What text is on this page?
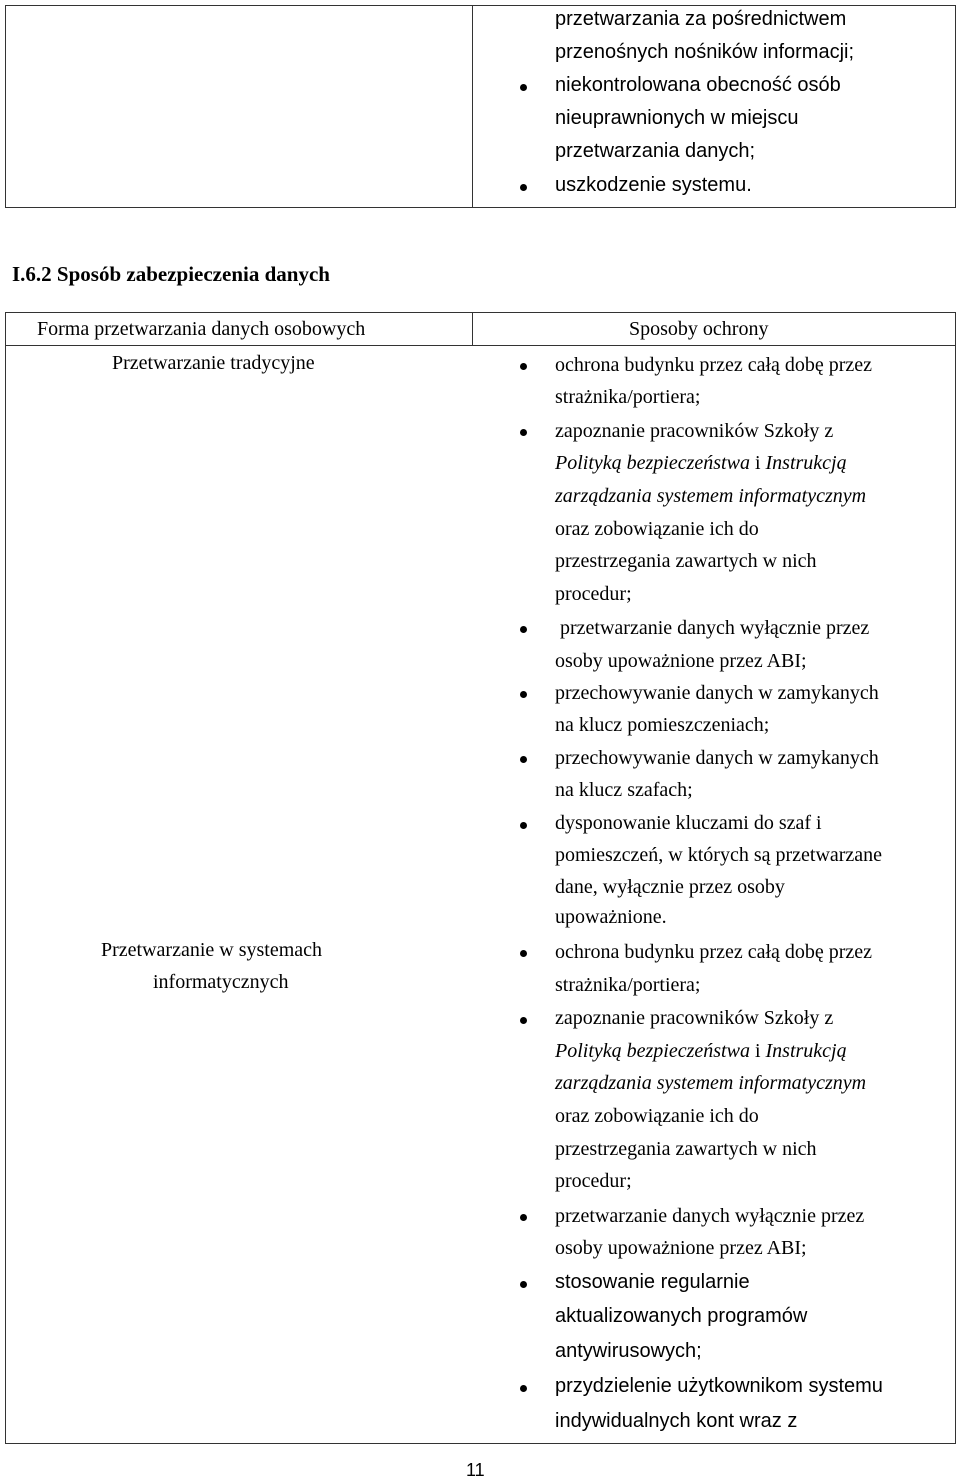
przetwarzania za pośrednictwem
przenośnych nośników informacji;
niekontrolowana obecność osób
nieuprawnionych w miejscu
przetwarzania danych;
uszkodzenie systemu.
I.6.2 Sposób zabezpieczenia danych
Forma przetwarzania danych osobowych	Sposoby ochrony
Przetwarzanie tradycyjne	ochrona budynku przez całą dobę przez
strażnika/portiera;
zapoznanie pracowników Szkoły z
Polityką bezpieczeństwa i Instrukcją
zarządzania systemem informatycznym
oraz zobowiązanie ich do
przestrzegania zawartych w nich
procedur;
przetwarzanie danych wyłącznie przez
osoby upoważnione przez ABI;
przechowywanie danych w zamykanych
na klucz pomieszczeniach;
przechowywanie danych w zamykanych
na klucz szafach;
dysponowanie kluczami do szaf i
pomieszczeń, w których są przetwarzane
dane, wyłącznie przez osoby
upoważnione.
Przetwarzanie w systemach
informatycznych
ochrona budynku przez całą dobę przez
strażnika/portiera;
zapoznanie pracowników Szkoły z
Polityką bezpieczeństwa i Instrukcją
zarządzania systemem informatycznym
oraz zobowiązanie ich do
przestrzegania zawartych w nich
procedur;
przetwarzanie danych wyłącznie przez
osoby upoważnione przez ABI;
stosowanie regularnie
aktualizowanych programów
antywirusowych;
przydzielenie użytkownikom systemu
indywidualnych kont wraz z
11
